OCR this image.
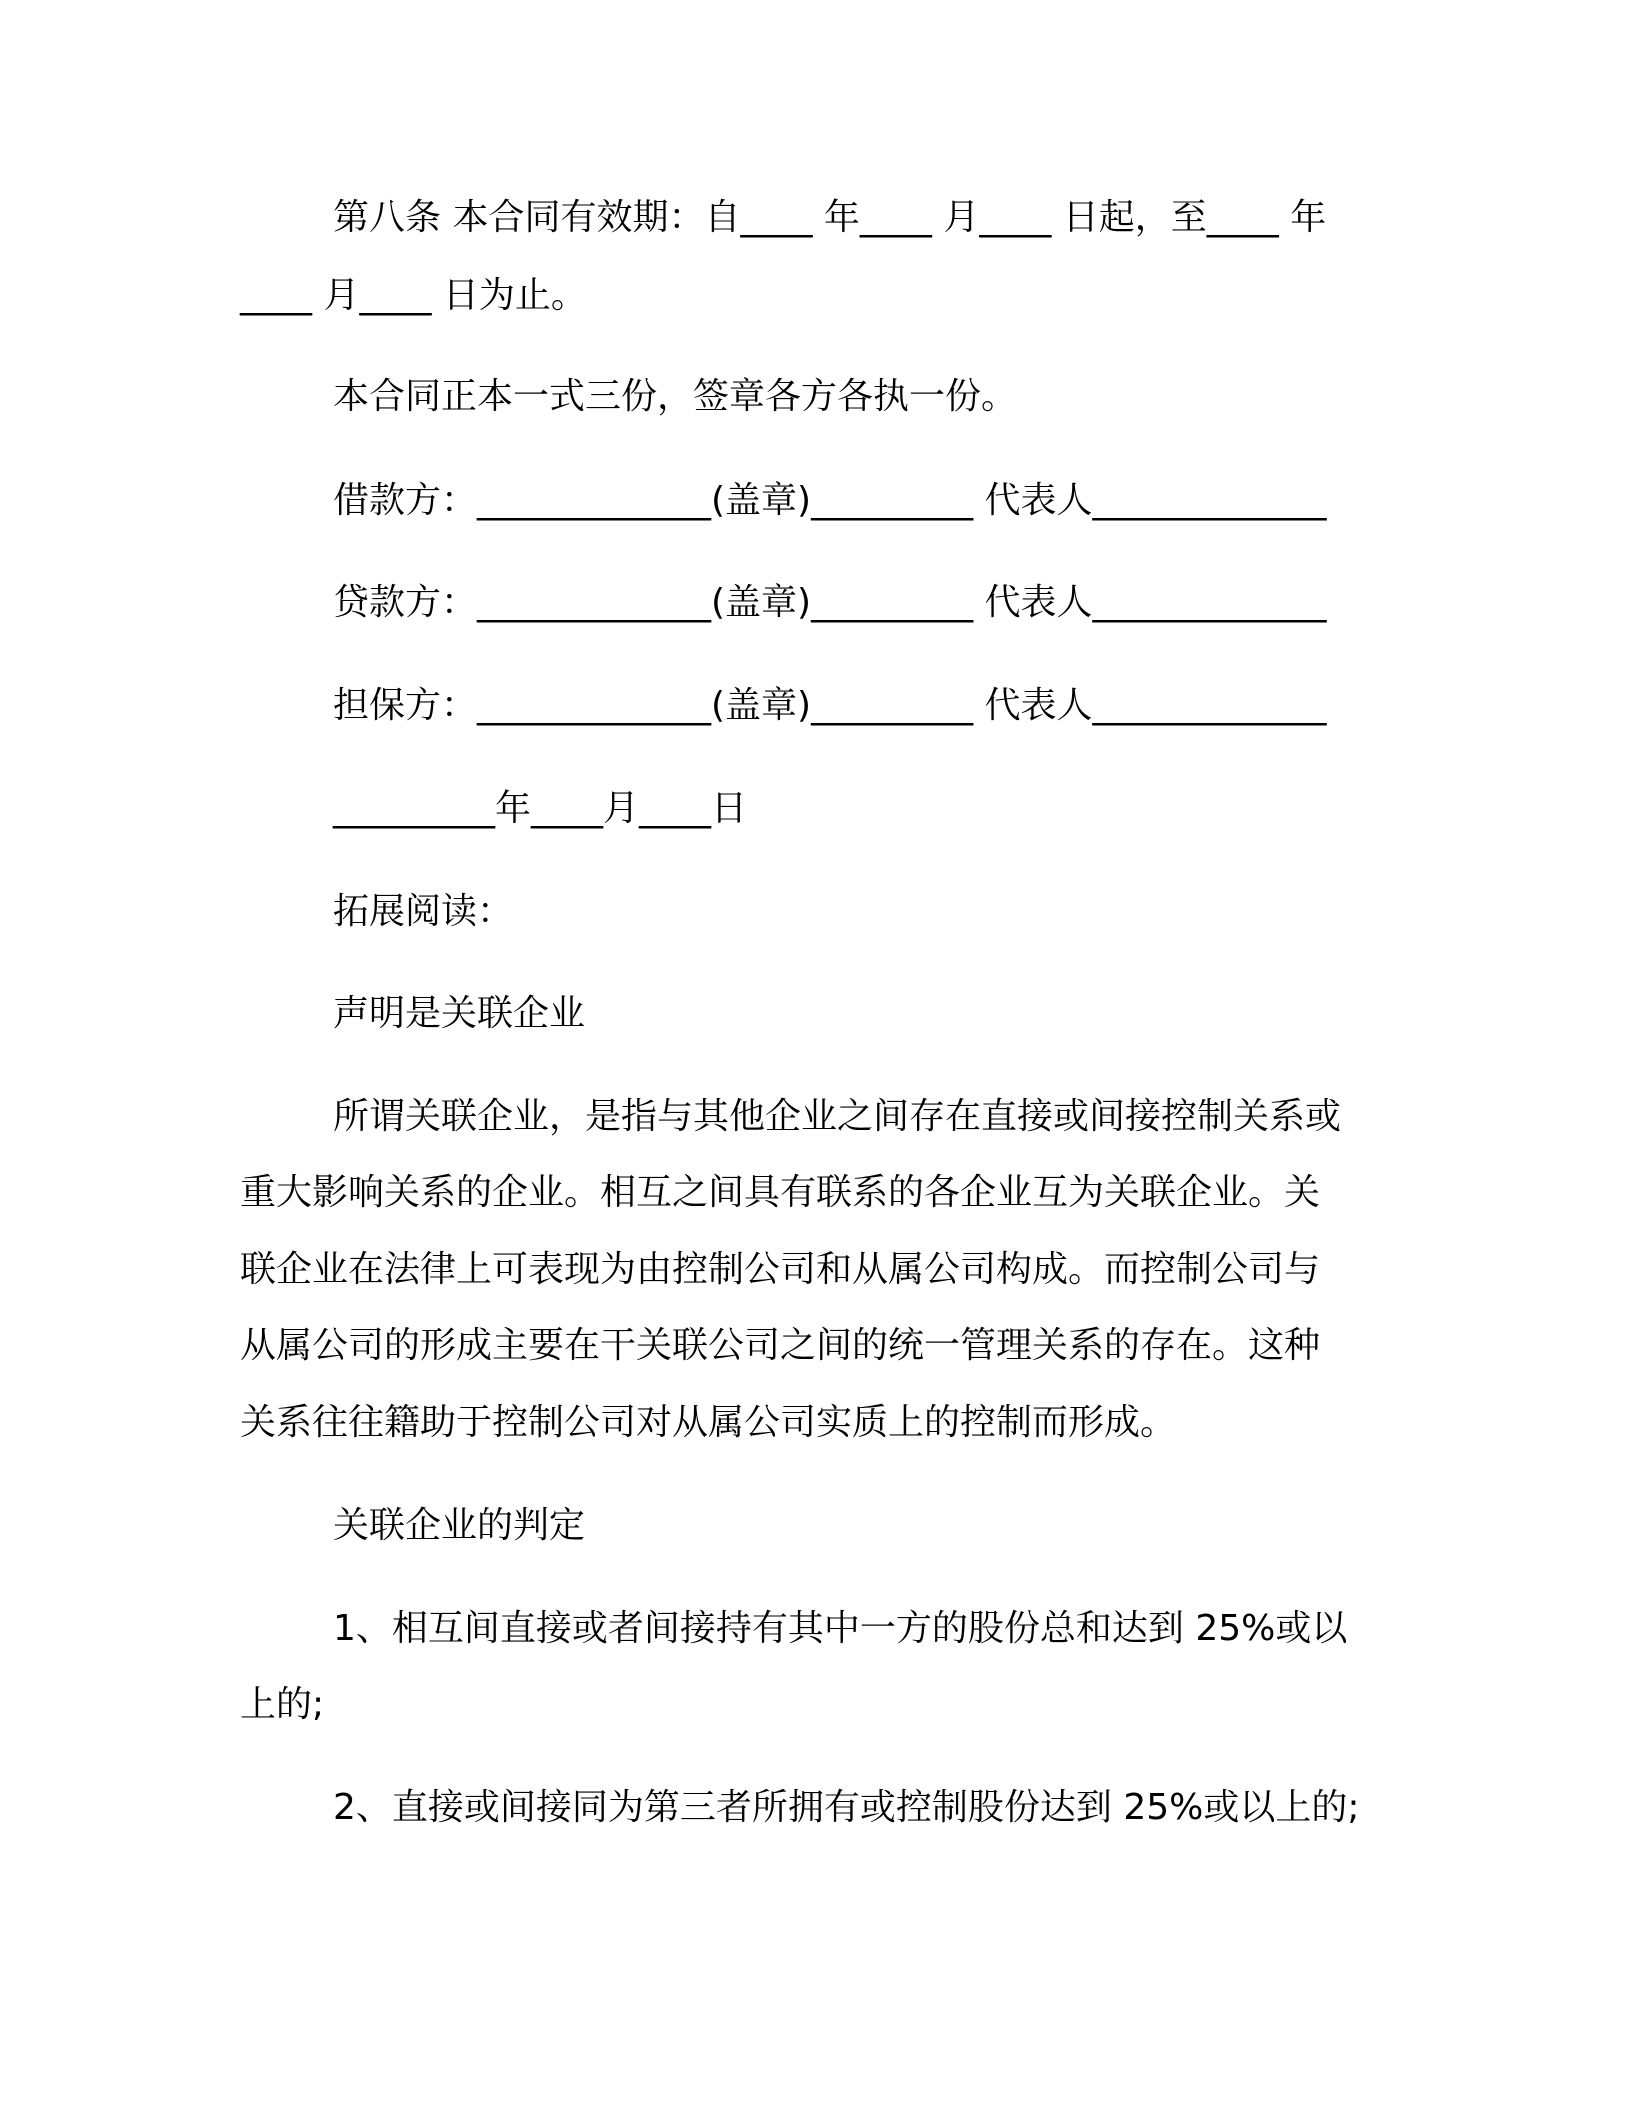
第八条 本合同有效期：自____ 年____ 月____ 日起，至____ 年
____ 月____ 日为止。
本合同正本一式三份，签章各方各执一份。
借款方：_____________(盖章)_________ 代表人_____________
贷款方：_____________(盖章)_________ 代表人_____________
担保方：_____________(盖章)_________ 代表人_____________
_________年____月____日
拓展阅读：
声明是关联企业
所谓关联企业，是指与其他企业之间存在直接或间接控制关系或
重大影响关系的企业。相互之间具有联系的各企业互为关联企业。关
联企业在法律上可表现为由控制公司和从属公司构成。而控制公司与
从属公司的形成主要在干关联公司之间的统一管理关系的存在。这种
关系往往籍助于控制公司对从属公司实质上的控制而形成。
关联企业的判定
1、相互间直接或者间接持有其中一方的股份总和达到 25%或以
上的;
2、直接或间接同为第三者所拥有或控制股份达到 25%或以上的;
